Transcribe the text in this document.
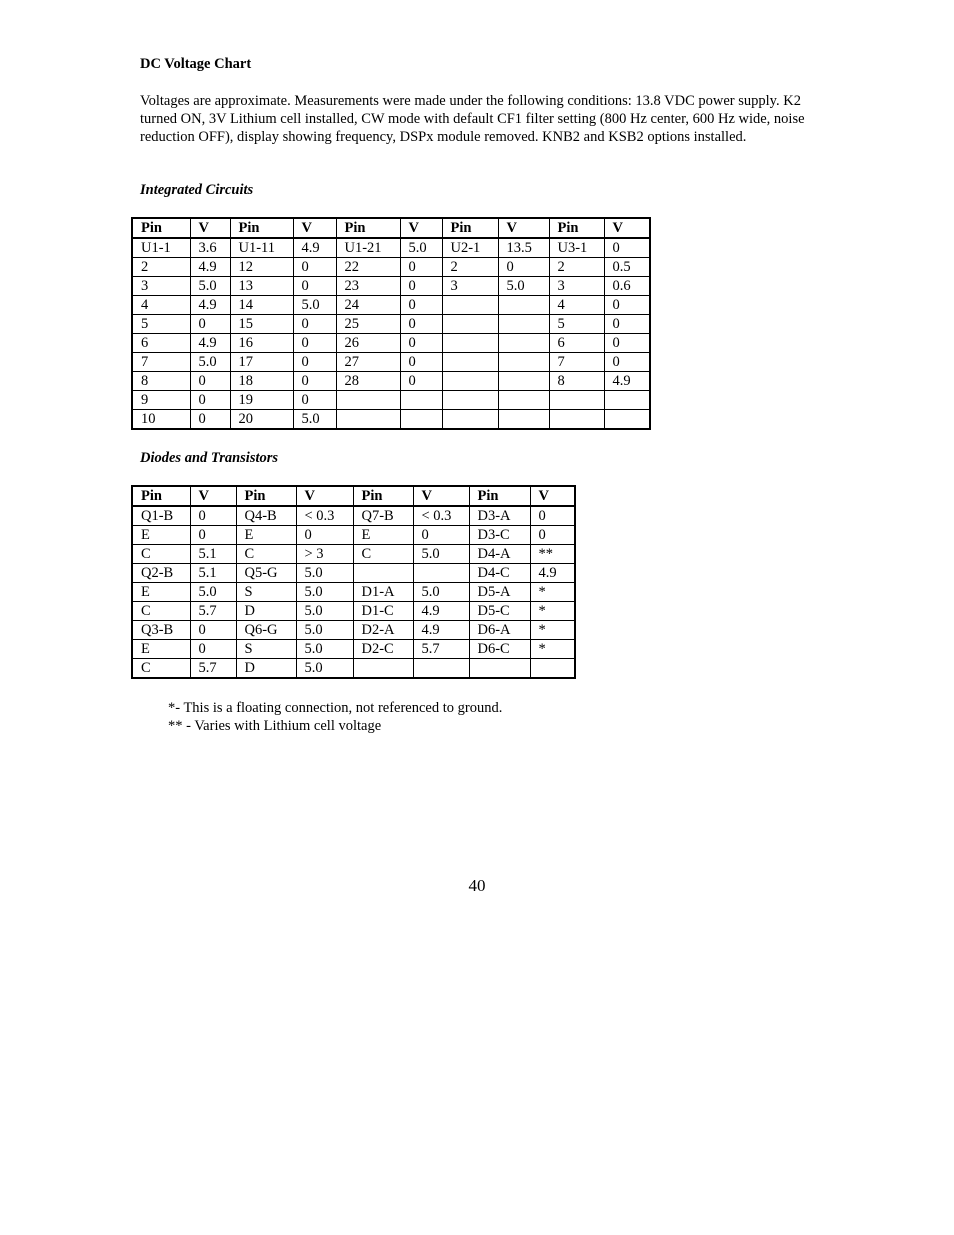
DC Voltage Chart
Voltages are approximate. Measurements were made under the following conditions: 13.8 VDC power supply. K2 turned ON, 3V Lithium cell installed, CW mode with default CF1 filter setting (800 Hz center, 600 Hz wide, noise reduction OFF), display showing frequency, DSPx module removed. KNB2 and KSB2 options installed.
Integrated Circuits
Pin	V	Pin	V	Pin	V	Pin	V	Pin	V
U1-1	3.6	U1-11	4.9	U1-21	5.0	U2-1	13.5	U3-1	0
2	4.9	12	0	22	0	2	0	2	0.5
3	5.0	13	0	23	0	3	5.0	3	0.6
4	4.9	14	5.0	24	0			4	0
5	0	15	0	25	0			5	0
6	4.9	16	0	26	0			6	0
7	5.0	17	0	27	0			7	0
8	0	18	0	28	0			8	4.9
9	0	19	0						
10	0	20	5.0						
Diodes and Transistors
Pin	V	Pin	V	Pin	V	Pin	V
Q1-B	0	Q4-B	< 0.3	Q7-B	< 0.3	D3-A	0
E	0	E	0	E	0	D3-C	0
C	5.1	C	> 3	C	5.0	D4-A	**
Q2-B	5.1	Q5-G	5.0			D4-C	4.9
E	5.0	S	5.0	D1-A	5.0	D5-A	*
C	5.7	D	5.0	D1-C	4.9	D5-C	*
Q3-B	0	Q6-G	5.0	D2-A	4.9	D6-A	*
E	0	S	5.0	D2-C	5.7	D6-C	*
C	5.7	D	5.0				
*- This is a floating connection, not referenced to ground.
** - Varies with Lithium cell voltage
40
